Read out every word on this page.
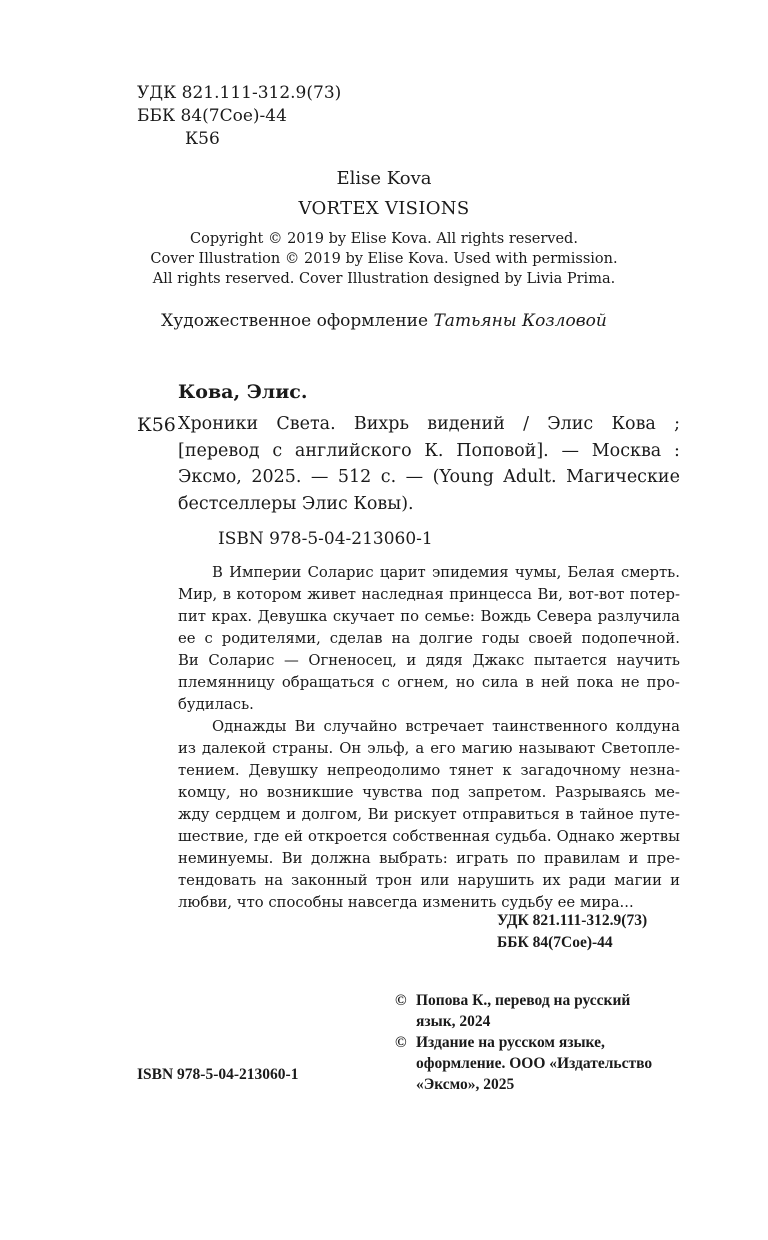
УДК 821.111-312.9(73)
ББК 84(7Сое)-44
К56
Elise Kova
VORTEX VISIONS
Copyright © 2019 by Elise Kova. All rights reserved.
Cover Illustration © 2019 by Elise Kova. Used with permission.
All rights reserved. Cover Illustration designed by Livia Prima.
Художественное оформление Татьяны Козловой
Кова, Элис.
К56 Хроники Света. Вихрь видений / Элис Кова ;
[перевод с английского К. Поповой]. — Москва :
Эксмо, 2025. — 512 с. — (Young Adult. Магические
бестселлеры Элис Ковы).
ISBN 978-5-04-213060-1
В Империи Соларис царит эпидемия чумы, Белая смерть.
Мир, в котором живет наследная принцесса Ви, вот-вот потер-
пит крах. Девушка скучает по семье: Вождь Севера разлучила
ее с родителями, сделав на долгие годы своей подопечной.
Ви Соларис — Огненосец, и дядя Джакс пытается научить
племянницу обращаться с огнем, но сила в ней пока не про-
будилась.
Однажды Ви случайно встречает таинственного колдуна
из далекой страны. Он эльф, а его магию называют Светопле-
тением. Девушку непреодолимо тянет к загадочному незна-
комцу, но возникшие чувства под запретом. Разрываясь ме-
жду сердцем и долгом, Ви рискует отправиться в тайное путе-
шествие, где ей откроется собственная судьба. Однако жертвы
неминуемы. Ви должна выбрать: играть по правилам и пре-
тендовать на законный трон или нарушить их ради магии и
любви, что способны навсегда изменить судьбу ее мира...
УДК 821.111-312.9(73)
ББК 84(7Сое)-44
© Попова К., перевод на русский
язык, 2024
© Издание на русском языке,
оформление. ООО «Издательство
«Эксмо», 2025
ISBN 978-5-04-213060-1
